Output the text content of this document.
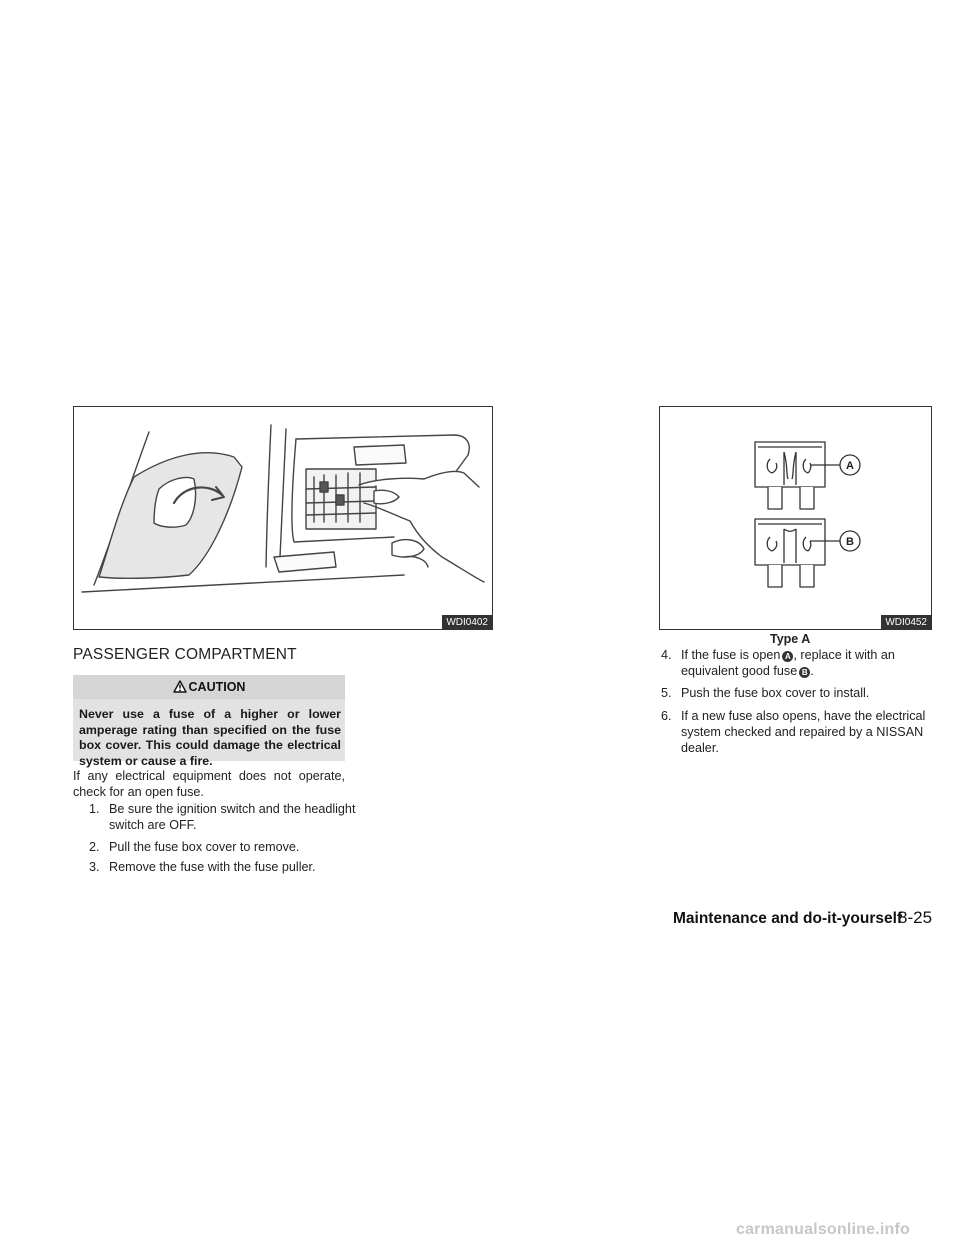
WDI0402
A
B
WDI0452
Type A
PASSENGER COMPARTMENT
CAUTION
Never use a fuse of a higher or lower amperage rating than specified on the fuse box cover. This could damage the electrical system or cause a fire.
If any electrical equipment does not operate, check for an open fuse.
1. Be sure the ignition switch and the headlight
switch are OFF.
2. Pull the fuse box cover to remove.
3. Remove the fuse with the fuse puller.
4. If the fuse is open A , replace it with an
equivalent good fuse B .
5. Push the fuse box cover to install.
6. If a new fuse also opens, have the electrical
system checked and repaired by a NISSAN
dealer.
Maintenance and do-it-yourself
8-25
carmanualsonline.info
